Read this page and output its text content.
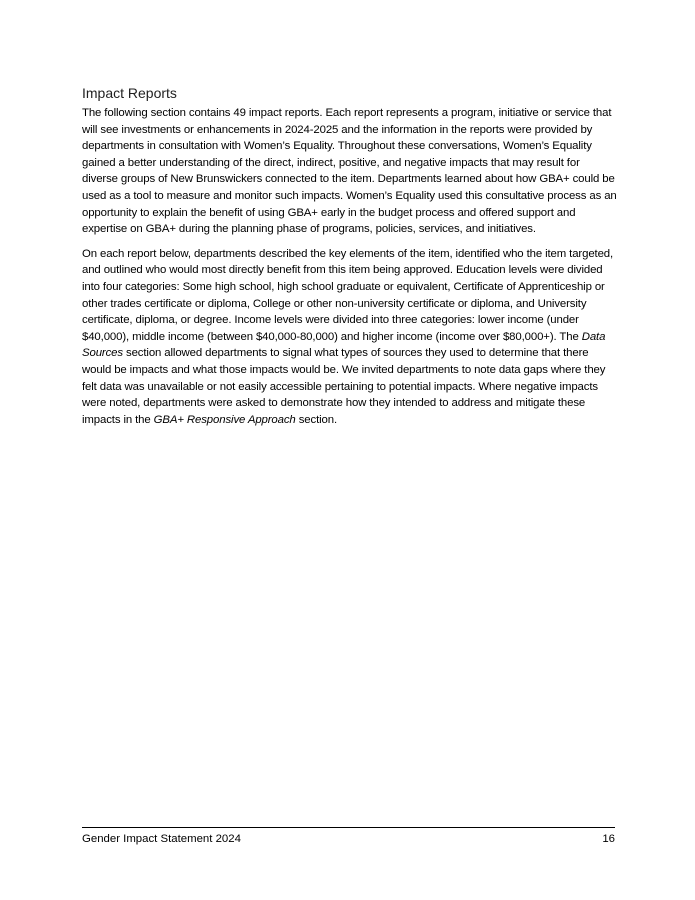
Impact Reports

The following section contains 49 impact reports. Each report represents a program, initiative or service that will see investments or enhancements in 2024-2025 and the information in the reports were provided by departments in consultation with Women’s Equality. Throughout these conversations, Women’s Equality gained a better understanding of the direct, indirect, positive, and negative impacts that may result for diverse groups of New Brunswickers connected to the item. Departments learned about how GBA+ could be used as a tool to measure and monitor such impacts. Women’s Equality used this consultative process as an opportunity to explain the benefit of using GBA+ early in the budget process and offered support and expertise on GBA+ during the planning phase of programs, policies, services, and initiatives.

On each report below, departments described the key elements of the item, identified who the item targeted, and outlined who would most directly benefit from this item being approved. Education levels were divided into four categories: Some high school, high school graduate or equivalent, Certificate of Apprenticeship or other trades certificate or diploma, College or other non-university certificate or diploma, and University certificate, diploma, or degree. Income levels were divided into three categories: lower income (under $40,000), middle income (between $40,000-80,000) and higher income (income over $80,000+). The Data Sources section allowed departments to signal what types of sources they used to determine that there would be impacts and what those impacts would be. We invited departments to note data gaps where they felt data was unavailable or not easily accessible pertaining to potential impacts. Where negative impacts were noted, departments were asked to demonstrate how they intended to address and mitigate these impacts in the GBA+ Responsive Approach section.

Gender Impact Statement 2024	16
